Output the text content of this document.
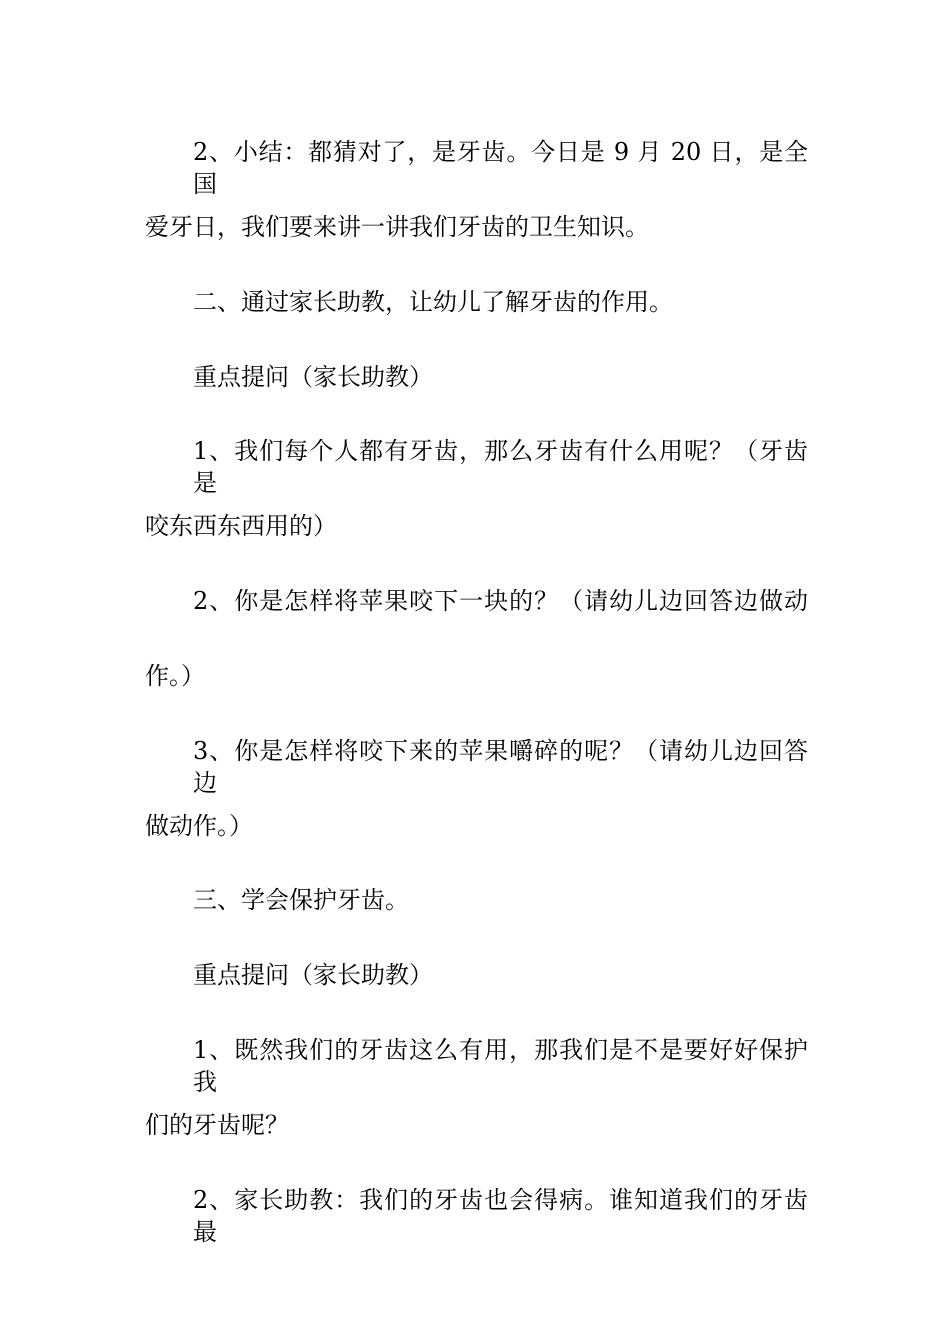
2、小结：都猜对了，是牙齿。今日是 9 月 20 日，是全国
爱牙日，我们要来讲一讲我们牙齿的卫生知识。
二、通过家长助教，让幼儿了解牙齿的作用。
重点提问（家长助教）
1、我们每个人都有牙齿，那么牙齿有什么用呢？（牙齿是
咬东西东西用的）
2、你是怎样将苹果咬下一块的？（请幼儿边回答边做动
作。）
3、你是怎样将咬下来的苹果嚼碎的呢？（请幼儿边回答边
做动作。）
三、学会保护牙齿。
重点提问（家长助教）
1、既然我们的牙齿这么有用，那我们是不是要好好保护我
们的牙齿呢？
2、家长助教：我们的牙齿也会得病。谁知道我们的牙齿最
